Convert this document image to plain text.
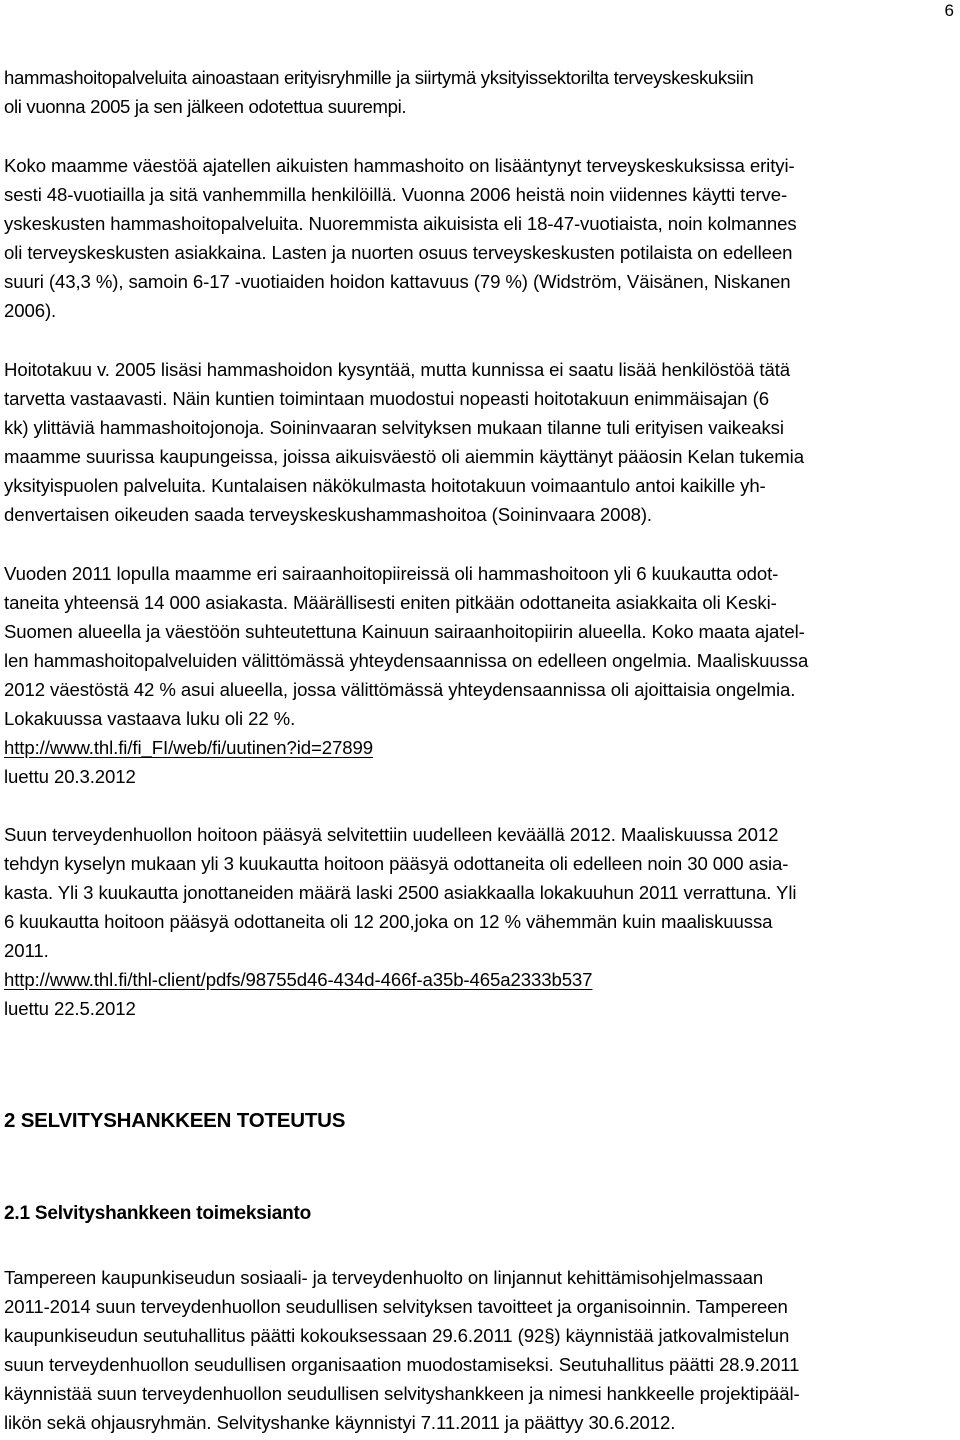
6
hammashoitopalveluita ainoastaan erityisryhmille ja siirtymä yksityissektorilta terveyskeskuksiin
oli vuonna 2005 ja sen jälkeen odotettua suurempi.
Koko maamme väestöä ajatellen aikuisten hammashoito on lisääntynyt terveyskeskuksissa erityi-
sesti 48-vuotiailla ja sitä vanhemmilla henkilöillä. Vuonna 2006 heistä noin viidennes käytti terve-
yskeskusten hammashoitopalveluita. Nuoremmista aikuisista eli 18-47-vuotiaista, noin kolmannes
oli terveyskeskusten asiakkaina. Lasten ja nuorten osuus terveyskeskusten potilaista on edelleen
suuri (43,3 %), samoin 6-17 -vuotiaiden hoidon kattavuus (79 %) (Widström, Väisänen, Niskanen
2006).
Hoitotakuu v. 2005 lisäsi hammashoidon kysyntää, mutta kunnissa ei saatu lisää henkilöstöä tätä
tarvetta vastaavasti. Näin kuntien toimintaan muodostui nopeasti hoitotakuun enimmäisajan (6
kk) ylittäviä hammashoitojonoja. Soininvaaran selvityksen mukaan tilanne tuli erityisen vaikeaksi
maamme suurissa kaupungeissa, joissa aikuisväestö oli aiemmin käyttänyt pääosin Kelan tukemia
yksityispuolen palveluita. Kuntalaisen näkökulmasta hoitotakuun voimaantulo antoi kaikille yh-
denvertaisen oikeuden saada terveyskeskushammashoitoa (Soininvaara 2008).
Vuoden 2011 lopulla maamme eri sairaanhoitopiireissä oli hammashoitoon yli 6 kuukautta odot-
taneita yhteensä 14 000 asiakasta. Määrällisesti eniten pitkään odottaneita asiakkaita oli Keski-
Suomen alueella ja väestöön suhteutettuna Kainuun sairaanhoitopiirin alueella. Koko maata ajatel-
len hammashoitopalveluiden välittömässä yhteydensaannissa on edelleen ongelmia. Maaliskuussa
2012 väestöstä 42 % asui alueella, jossa välittömässä yhteydensaannissa oli ajoittaisia ongelmia.
Lokakuussa vastaava luku oli 22 %.
http://www.thl.fi/fi_FI/web/fi/uutinen?id=27899
luettu 20.3.2012
Suun terveydenhuollon hoitoon pääsyä selvitettiin uudelleen keväällä 2012. Maaliskuussa 2012
tehdyn kyselyn mukaan yli 3 kuukautta hoitoon pääsyä odottaneita oli edelleen noin 30 000 asia-
kasta. Yli 3 kuukautta jonottaneiden määrä laski 2500 asiakkaalla lokakuuhun 2011 verrattuna. Yli
6 kuukautta hoitoon pääsyä odottaneita oli 12 200,joka on 12 % vähemmän kuin maaliskuussa
2011.
http://www.thl.fi/thl-client/pdfs/98755d46-434d-466f-a35b-465a2333b537
luettu 22.5.2012
2 SELVITYSHANKKEEN TOTEUTUS
2.1 Selvityshankkeen toimeksianto
Tampereen kaupunkiseudun sosiaali- ja terveydenhuolto on linjannut kehittämisohjelmassaan
2011-2014 suun terveydenhuollon seudullisen selvityksen tavoitteet ja organisoinnin. Tampereen
kaupunkiseudun seutuhallitus päätti kokouksessaan 29.6.2011 (92§) käynnistää jatkovalmistelun
suun terveydenhuollon seudullisen organisaation muodostamiseksi. Seutuhallitus päätti 28.9.2011
käynnistää suun terveydenhuollon seudullisen selvityshankkeen ja nimesi hankkeelle projektipääl-
likön sekä ohjausryhmän. Selvityshanke käynnistyi 7.11.2011 ja päättyy 30.6.2012.
